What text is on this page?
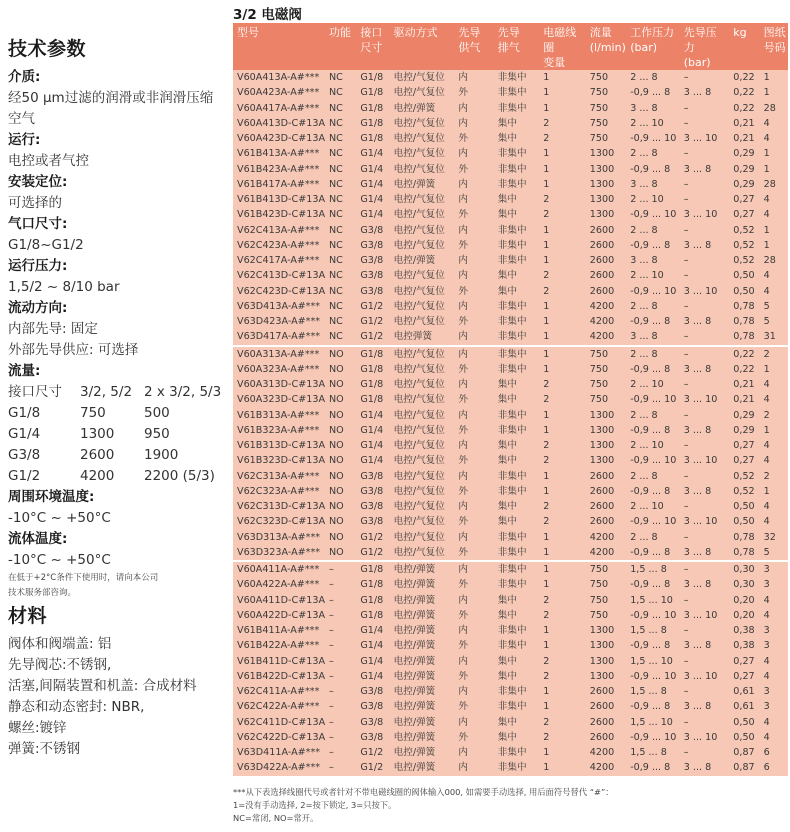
技术参数
介质:
经50 µm过滤的润滑或非润滑压缩
空气
运行:
电控或者气控
安装定位:
可选择的
气口尺寸:
G1/8~G1/2
运行压力:
1,5/2 ~ 8/10 bar
流动方向:
内部先导: 固定
外部先导供应: 可选择
流量:
接口尺寸	3/2, 5/2 2 x 3/2, 5/3
G1/8	750	500
G1/4	1300	950
G3/8	2600	1900
G1/2	4200	2200 (5/3)
周围环境温度:
-10°C ~ +50°C
流体温度:
-10°C ~ +50°C
在低于+2°C条件下使用时，请向本公司
技术服务部咨询。
材料
阀体和阀端盖: 铝
先导阀芯:不锈钢,
活塞,间隔装置和机盖: 合成材料
静态和动态密封: NBR,
螺丝:镀锌
弹簧:不锈钢
3/2 电磁阀
型号	功能	接口
尺寸

驱动方式	先导
供气

先导
排气

电磁线圈
变量

流量
(l/min)

工作压力
(bar)

先导压力
(bar)

kg	图纸
号码

V60A413A-A#***	NC	G1/8	电控/气复位	内	非集中	1	750	2 ... 8	–	0,22	1
V60A423A-A#***	NC	G1/8	电控/气复位	外	非集中	1	750	-0,9 ... 8	3 ... 8	0,22	1
V60A417A-A#***	NC	G1/8	电控/弹簧	内	非集中	1	750	3 ... 8	–	0,22	28
V60A413D-C#13A	NC	G1/8	电控/气复位	内	集中	2	750	2 ... 10	–	0,21	4
V60A423D-C#13A	NC	G1/8	电控/气复位	外	集中	2	750	-0,9 ... 10	3 ... 10	0,21	4
V61B413A-A#***	NC	G1/4	电控/气复位	内	非集中	1	1300	2 ... 8	–	0,29	1
V61B423A-A#***	NC	G1/4	电控/气复位	外	非集中	1	1300	-0,9 ... 8	3 ... 8	0,29	1
V61B417A-A#***	NC	G1/4	电控/弹簧	内	非集中	1	1300	3 ... 8	–	0,29	28
V61B413D-C#13A	NC	G1/4	电控/气复位	内	集中	2	1300	2 ... 10	–	0,27	4
V61B423D-C#13A	NC	G1/4	电控/气复位	外	集中	2	1300	-0,9 ... 10	3 ... 10	0,27	4
V62C413A-A#***	NC	G3/8	电控/气复位	内	非集中	1	2600	2 ... 8	–	0,52	1
V62C423A-A#***	NC	G3/8	电控/气复位	外	非集中	1	2600	-0,9 ... 8	3 ... 8	0,52	1
V62C417A-A#***	NC	G3/8	电控/弹簧	内	非集中	1	2600	3 ... 8	–	0,52	28
V62C413D-C#13A	NC	G3/8	电控/气复位	内	集中	2	2600	2 ... 10	–	0,50	4
V62C423D-C#13A	NC	G3/8	电控/气复位	外	集中	2	2600	-0,9 ... 10	3 ... 10	0,50	4
V63D413A-A#***	NC	G1/2	电控/气复位	内	非集中	1	4200	2 ... 8	–	0,78	5
V63D423A-A#***	NC	G1/2	电控/气复位	外	非集中	1	4200	-0,9 ... 8	3 ... 8	0,78	5
V63D417A-A#***	NC	G1/2	电控弹簧	内	非集中	1	4200	3 ... 8	–	0,78	31
V60A313A-A#***	NO	G1/8	电控/气复位	内	非集中	1	750	2 ... 8	–	0,22	2
V60A323A-A#***	NO	G1/8	电控/气复位	外	非集中	1	750	-0,9 ... 8	3 ... 8	0,22	1
V60A313D-C#13A	NO	G1/8	电控/气复位	内	集中	2	750	2 ... 10	–	0,21	4
V60A323D-C#13A	NO	G1/8	电控/气复位	外	集中	2	750	-0,9 ... 10	3 ... 10	0,21	4
V61B313A-A#***	NO	G1/4	电控/气复位	内	非集中	1	1300	2 ... 8	–	0,29	2
V61B323A-A#***	NO	G1/4	电控/气复位	外	非集中	1	1300	-0,9 ... 8	3 ... 8	0,29	1
V61B313D-C#13A	NO	G1/4	电控/气复位	内	集中	2	1300	2 ... 10	–	0,27	4
V61B323D-C#13A	NO	G1/4	电控/气复位	外	集中	2	1300	-0,9 ... 10	3 ... 10	0,27	4
V62C313A-A#***	NO	G3/8	电控/气复位	内	非集中	1	2600	2 ... 8	–	0,52	2
V62C323A-A#***	NO	G3/8	电控/气复位	外	非集中	1	2600	-0,9 ... 8	3 ... 8	0,52	1
V62C313D-C#13A	NO	G3/8	电控/气复位	内	集中	2	2600	2 ... 10	–	0,50	4
V62C323D-C#13A	NO	G3/8	电控/气复位	外	集中	2	2600	-0,9 ... 10	3 ... 10	0,50	4
V63D313A-A#***	NO	G1/2	电控/气复位	内	非集中	1	4200	2 ... 8	–	0,78	32
V63D323A-A#***	NO	G1/2	电控/气复位	外	非集中	1	4200	-0,9 ... 8	3 ... 8	0,78	5
V60A411A-A#***	–	G1/8	电控/弹簧	内	非集中	1	750	1,5 ... 8	–	0,30	3
V60A422A-A#***	–	G1/8	电控/弹簧	外	非集中	1	750	-0,9 ... 8	3 ... 8	0,30	3
V60A411D-C#13A	–	G1/8	电控/弹簧	内	集中	2	750	1,5 ... 10	–	0,20	4
V60A422D-C#13A	–	G1/8	电控/弹簧	外	集中	2	750	-0,9 ... 10	3 ... 10	0,20	4
V61B411A-A#***	–	G1/4	电控/弹簧	内	非集中	1	1300	1,5 ... 8	–	0,38	3
V61B422A-A#***	–	G1/4	电控/弹簧	外	非集中	1	1300	-0,9 ... 8	3 ... 8	0,38	3
V61B411D-C#13A	–	G1/4	电控/弹簧	内	集中	2	1300	1,5 ... 10	–	0,27	4
V61B422D-C#13A	–	G1/4	电控/弹簧	外	集中	2	1300	-0,9 ... 10	3 ... 10	0,27	4
V62C411A-A#***	–	G3/8	电控/弹簧	内	非集中	1	2600	1,5 ... 8	–	0,61	3
V62C422A-A#***	–	G3/8	电控/弹簧	外	非集中	1	2600	-0,9 ... 8	3 ... 8	0,61	3
V62C411D-C#13A	–	G3/8	电控/弹簧	内	集中	2	2600	1,5 ... 10	–	0,50	4
V62C422D-C#13A	–	G3/8	电控/弹簧	外	集中	2	2600	-0,9 ... 10	3 ... 10	0,50	4
V63D411A-A#***	–	G1/2	电控/弹簧	内	非集中	1	4200	1,5 ... 8	–	0,87	6
V63D422A-A#***	–	G1/2	电控/弹簧	内	非集中	1	4200	-0,9 ... 8	3 ... 8	0,87	6
***从下表选择线圈代号或者针对不带电磁线圈的阀体输入000, 如需要手动选择, 用后面符号替代 “#”：
1=没有手动选择, 2=按下锁定, 3=只按下。
NC=常闭, NO=常开。
